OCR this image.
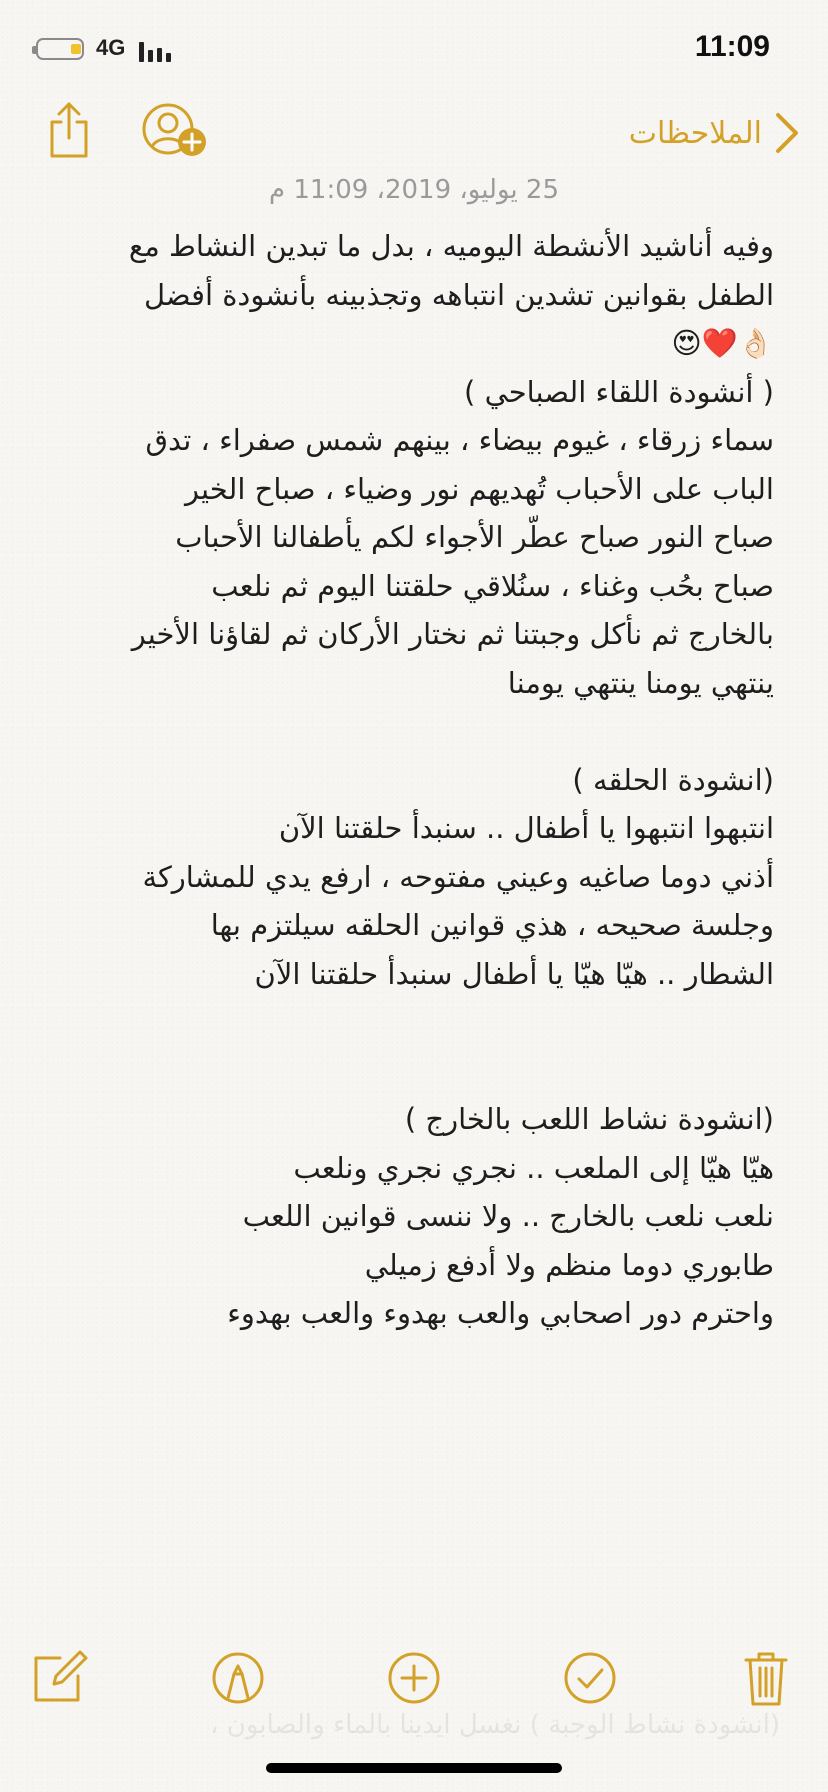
4G	11:09
الملاحظات
25 يوليو، 2019، 11:09 م
وفيه أناشيد الأنشطة اليوميه ، بدل ما تبدين النشاط مع
الطفل بقوانين تشدين انتباهه وتجذبينه بأنشودة أفضل
👌🏻❤️😍
( أنشودة اللقاء الصباحي )
سماء زرقاء ، غيوم بيضاء ، بينهم شمس صفراء ، تدق
الباب على الأحباب تُهديهم نور وضياء ، صباح الخير
صباح النور صباح عطّر الأجواء لكم يأطفالنا الأحباب
صباح بحُب وغناء ، سنُلاقي حلقتنا اليوم ثم نلعب
بالخارج ثم نأكل وجبتنا ثم نختار الأركان ثم لقاؤنا الأخير
ينتهي يومنا ينتهي يومنا
(انشودة الحلقه )
انتبهوا انتبهوا يا أطفال .. سنبدأ حلقتنا الآن
أذني دوما صاغيه وعيني مفتوحه ، ارفع يدي للمشاركة
وجلسة صحيحه ، هذي قوانين الحلقه سيلتزم بها
الشطار .. هيّا هيّا يا أطفال سنبدأ حلقتنا الآن
(انشودة نشاط اللعب بالخارج )
هيّا هيّا إلى الملعب .. نجري نجري ونلعب
نلعب نلعب بالخارج .. ولا ننسى قوانين اللعب
طابوري دوما منظم ولا أدفع زميلي
واحترم دور اصحابي والعب بهدوء والعب بهدوء
(انشودة نشاط الوجبة ) نغسل ايدينا بالماء والصابون ،
